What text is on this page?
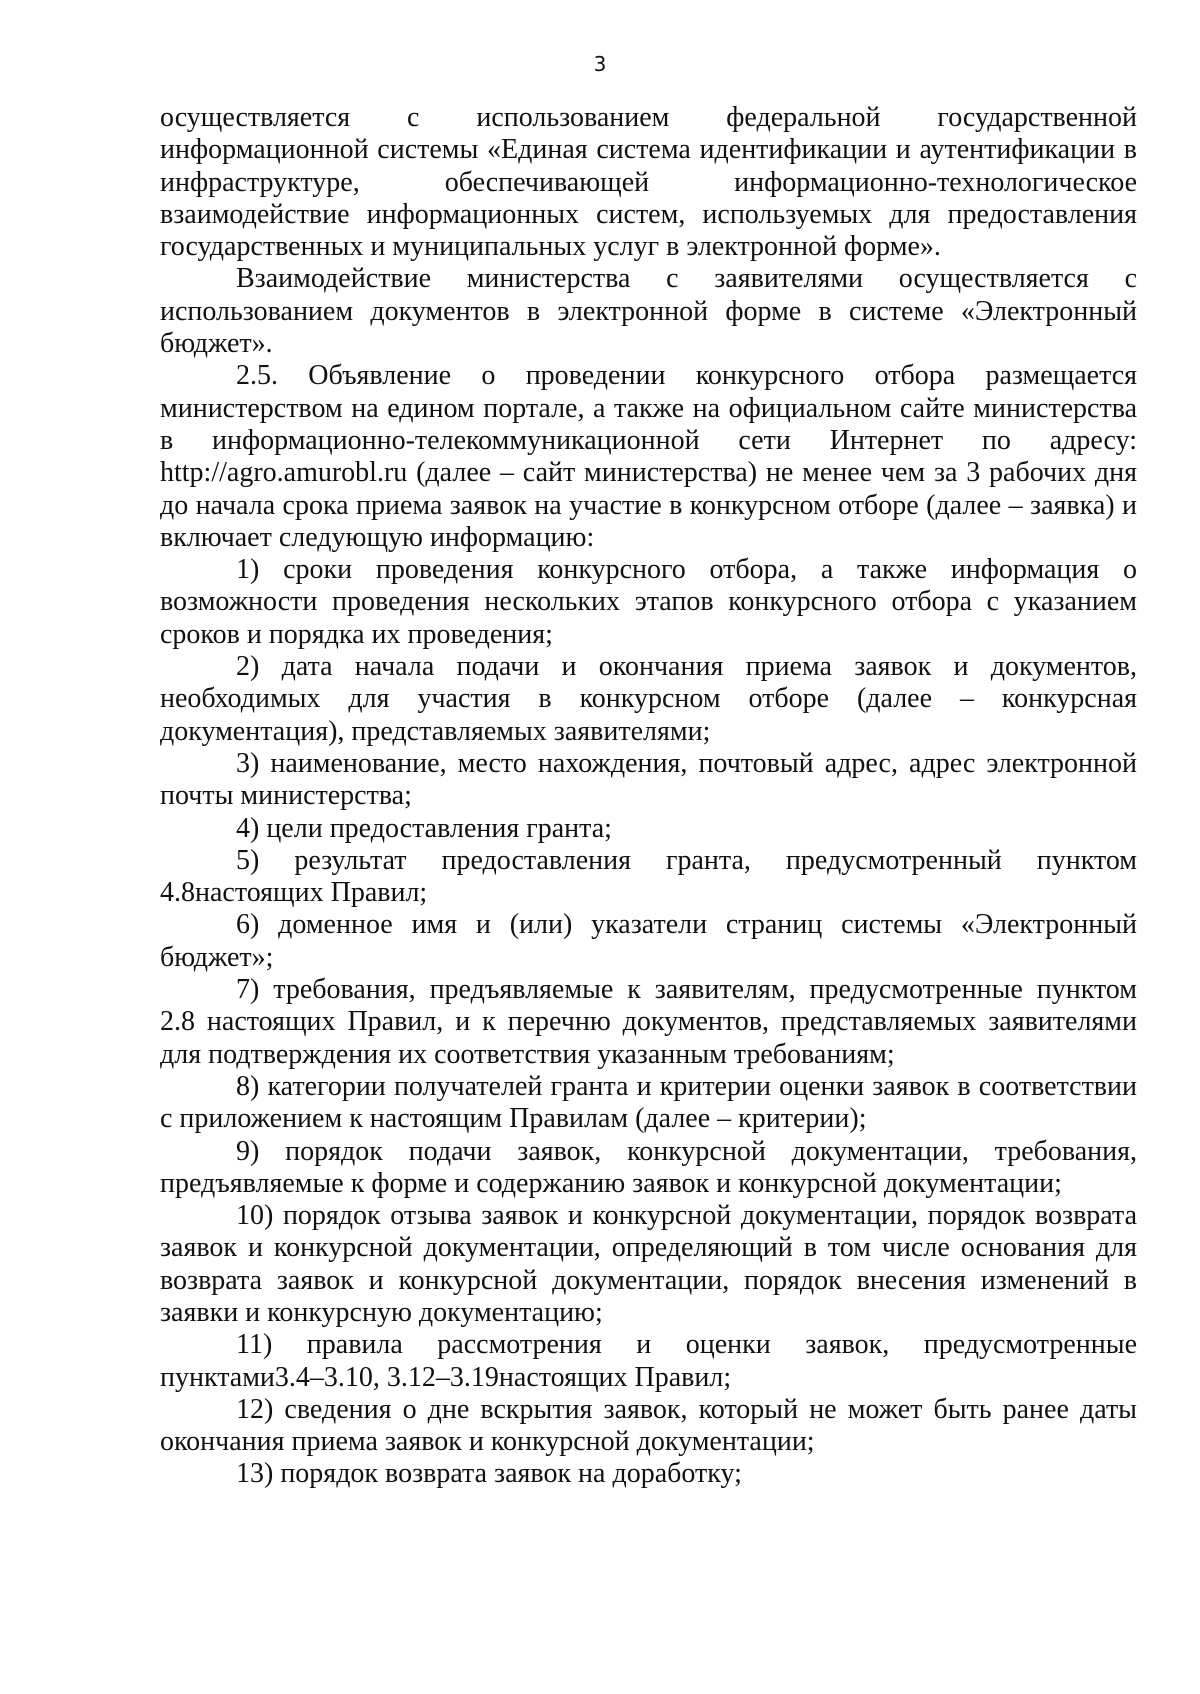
3

осуществляется с использованием федеральной государственной информационной системы «Единая система идентификации и аутентификации в инфраструктуре, обеспечивающей информационно-технологическое взаимодействие информационных систем, используемых для предоставления государственных и муниципальных услуг в электронной форме».

Взаимодействие министерства с заявителями осуществляется с использованием документов в электронной форме в системе «Электронный бюджет».

2.5. Объявление о проведении конкурсного отбора размещается министерством на едином портале, а также на официальном сайте министерства в информационно-телекоммуникационной сети Интернет по адресу: http://agro.amurobl.ru (далее – сайт министерства) не менее чем за 3 рабочих дня до начала срока приема заявок на участие в конкурсном отборе (далее – заявка) и включает следующую информацию:

1) сроки проведения конкурсного отбора, а также информация о возможности проведения нескольких этапов конкурсного отбора с указанием сроков и порядка их проведения;

2) дата начала подачи и окончания приема заявок и документов, необходимых для участия в конкурсном отборе (далее – конкурсная документация), представляемых заявителями;

3) наименование, место нахождения, почтовый адрес, адрес электронной почты министерства;

4) цели предоставления гранта;

5) результат предоставления гранта, предусмотренный пунктом 4.8настоящих Правил;

6) доменное имя и (или) указатели страниц системы «Электронный бюджет»;

7) требования, предъявляемые к заявителям, предусмотренные пунктом 2.8 настоящих Правил, и к перечню документов, представляемых заявителями для подтверждения их соответствия указанным требованиям;

8) категории получателей гранта и критерии оценки заявок в соответствии с приложением к настоящим Правилам (далее – критерии);

9) порядок подачи заявок, конкурсной документации, требования, предъявляемые к форме и содержанию заявок и конкурсной документации;

10) порядок отзыва заявок и конкурсной документации, порядок возврата заявок и конкурсной документации, определяющий в том числе основания для возврата заявок и конкурсной документации, порядок внесения изменений в заявки и конкурсную документацию;

11) правила рассмотрения и оценки заявок, предусмотренные пунктами3.4–3.10, 3.12–3.19настоящих Правил;

12) сведения о дне вскрытия заявок, который не может быть ранее даты окончания приема заявок и конкурсной документации;

13) порядок возврата заявок на доработку;
